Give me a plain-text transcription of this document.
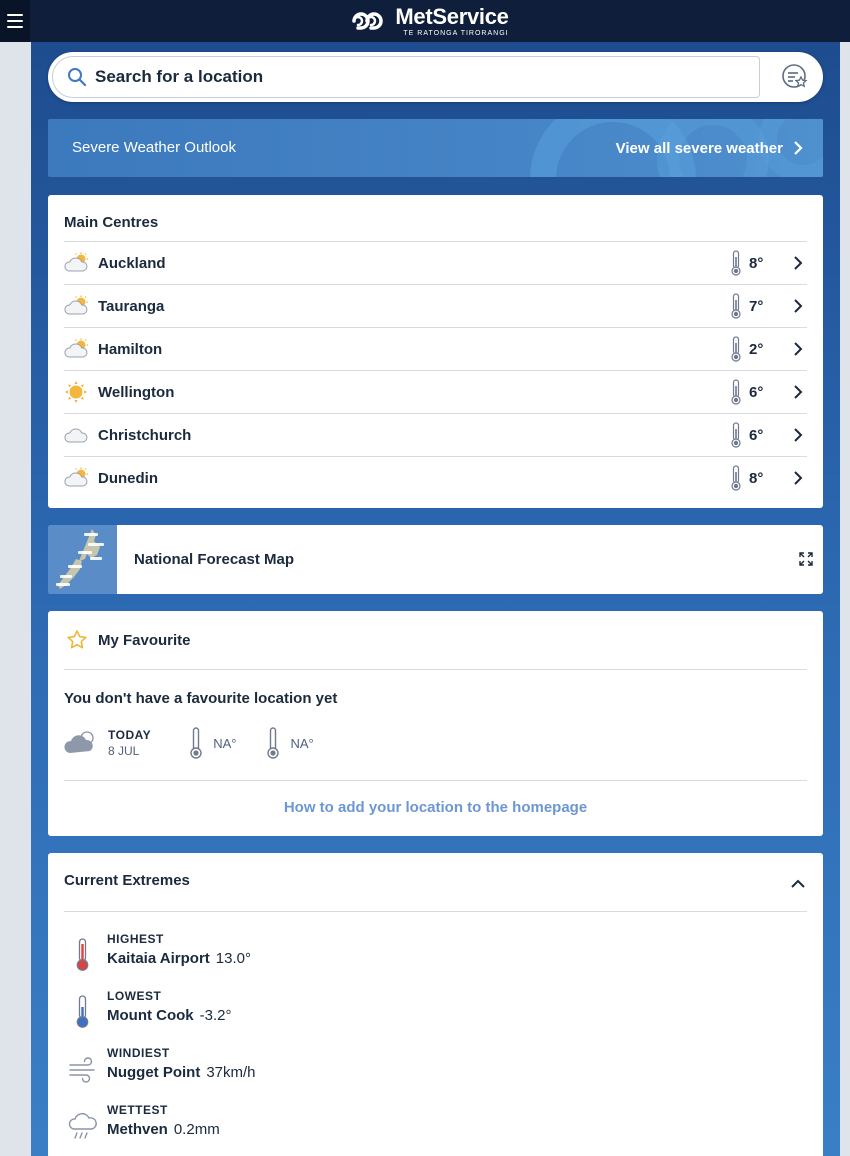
MetService
TE RATONGA TIRORANGI
Search for a location
Severe Weather Outlook	View all severe weather
Main Centres
Auckland	8°
Tauranga	7°
Hamilton	2°
Wellington	6°
Christchurch	6°
Dunedin	8°
National Forecast Map
My Favourite
You don't have a favourite location yet
TODAY
8 JUL
NA°	NA°
How to add your location to the homepage
Current Extremes
HIGHEST
Kaitaia Airport 13.0°
LOWEST
Mount Cook -3.2°
WINDIEST
Nugget Point 37km/h
WETTEST
Methven 0.2mm
